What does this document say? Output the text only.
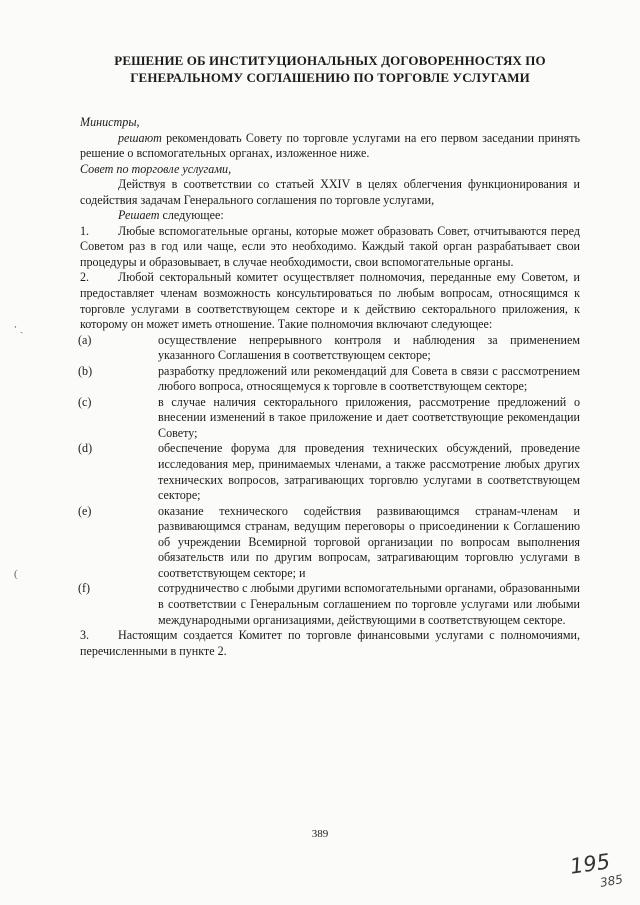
РЕШЕНИЕ ОБ ИНСТИТУЦИОНАЛЬНЫХ ДОГОВОРЕННОСТЯХ ПО
ГЕНЕРАЛЬНОМУ СОГЛАШЕНИЮ ПО ТОРГОВЛЕ УСЛУГАМИ

Министры,

решают рекомендовать Совету по торговле услугами на его первом заседании принять решение о вспомогательных органах, изложенное ниже.

Совет по торговле услугами,

Действуя в соответствии со статьей XXIV в целях облегчения функционирования и содействия задачам Генерального соглашения по торговле услугами,

Решает следующее:

1. Любые вспомогательные органы, которые может образовать Совет, отчитываются перед Советом раз в год или чаще, если это необходимо. Каждый такой орган разрабатывает свои процедуры и образовывает, в случае необходимости, свои вспомогательные органы.

2. Любой секторальный комитет осуществляет полномочия, переданные ему Советом, и предоставляет членам возможность консультироваться по любым вопросам, относящимся к торговле услугами в соответствующем секторе и к действию секторального приложения, к которому он может иметь отношение. Такие полномочия включают следующее:

(a)	осуществление непрерывного контроля и наблюдения за применением указанного Соглашения в соответствующем секторе;

(b)	разработку предложений или рекомендаций для Совета в связи с рассмотрением любого вопроса, относящемуся к торговле в соответствующем секторе;

(c)	в случае наличия секторального приложения, рассмотрение предложений о внесении изменений в такое приложение и дает соответствующие рекомендации Совету;

(d)	обеспечение форума для проведения технических обсуждений, проведение исследования мер, принимаемых членами, а также рассмотрение любых других технических вопросов, затрагивающих торговлю услугами в соответствующем секторе;

(e)	оказание технического содействия развивающимся странам-членам и развивающимся странам, ведущим переговоры о присоединении к Соглашению об учреждении Всемирной торговой организации по вопросам выполнения обязательств или по другим вопросам, затрагивающим торговлю услугами в соответствующем секторе; и

(f)	сотрудничество с любыми другими вспомогательными органами, образованными в соответствии с Генеральным соглашением по торговле услугами или любыми международными организациями, действующими в соответствующем секторе.

3. Настоящим создается Комитет по торговле финансовыми услугами с полномочиями, перечисленными в пункте 2.

⸱ ˎ
(
389
195
385
